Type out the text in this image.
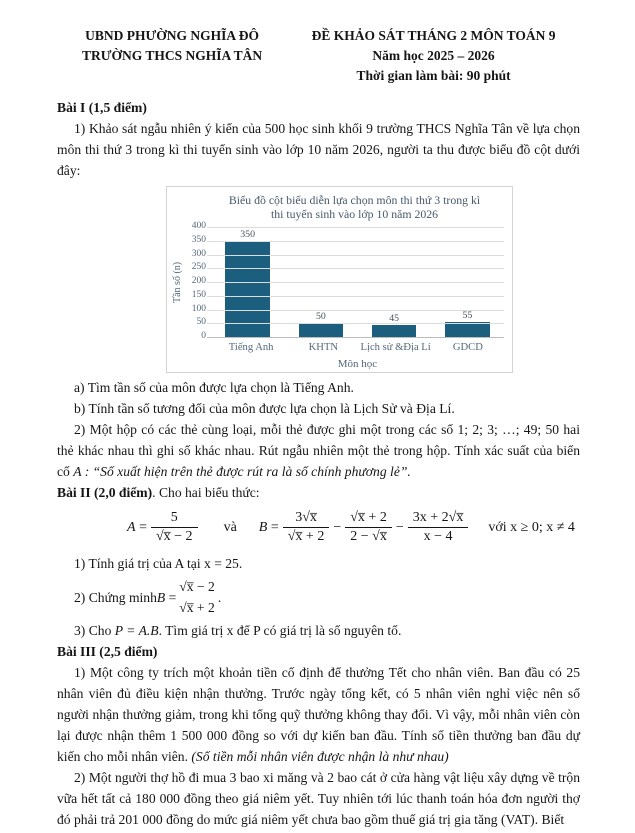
UBND PHƯỜNG NGHĨA ĐÔ
TRƯỜNG THCS NGHĨA TÂN
ĐỀ KHẢO SÁT THÁNG 2 MÔN TOÁN 9
Năm học 2025 – 2026
Thời gian làm bài: 90 phút

Bài I (1,5 điểm)

1) Khảo sát ngẫu nhiên ý kiến của 500 học sinh khối 9 trường THCS Nghĩa Tân về lựa chọn môn thi thứ 3 trong kì thi tuyển sinh vào lớp 10 năm 2026, người ta thu được biểu đồ cột dưới đây:

Biểu đồ cột biểu diễn lựa chọn môn thi thứ 3 trong kì
thi tuyển sinh vào lớp 10 năm 2026
Tần số (n)
400
350
300
250
200
150
100
50
0
350
50	45	55
Tiếng Anh	KHTN	Lịch sử &Địa Lí	GDCD
Môn học

a) Tìm tần số của môn được lựa chọn là Tiếng Anh.

b) Tính tần số tương đối của môn được lựa chọn là Lịch Sử và Địa Lí.

2) Một hộp có các thẻ cùng loại, mỗi thẻ được ghi một trong các số 1; 2; 3; …; 49; 50 hai thẻ khác nhau thì ghi số khác nhau. Rút ngẫu nhiên một thẻ trong hộp. Tính xác suất của biến cố A : “Số xuất hiện trên thẻ được rút ra là số chính phương lẻ”.

Bài II (2,0 điểm). Cho hai biểu thức:

A
= $\frac{5}{√x̅ - 2}$ và B
= $\frac{3√x̅}{√x̅ + 2} - \frac{√x̅ + 2}{2 - √x̅} - \frac{3x + 2√x̅}{x - 4}$ với x ≥ 0; x ≠ 4

1) Tính giá trị của A tại x = 25.

2) Chứng minh B
=
√x̅ − 2
√x̅ + 2
.

3) Cho P = A.B. Tìm giá trị x để P có giá trị là số nguyên tố.

Bài III (2,5 điểm)

1) Một công ty trích một khoản tiền cố định để thưởng Tết cho nhân viên. Ban đầu có 25 nhân viên đủ điều kiện nhận thưởng. Trước ngày tổng kết, có 5 nhân viên nghỉ việc nên số người nhận thưởng giảm, trong khi tổng quỹ thưởng không thay đổi. Vì vậy, mỗi nhân viên còn lại được nhận thêm 1 500 000 đồng so với dự kiến ban đầu. Tính số tiền thưởng ban đầu dự kiến cho mỗi nhân viên. (Số tiền mỗi nhân viên được nhận là như nhau)

2) Một người thợ hồ đi mua 3 bao xi măng và 2 bao cát ở cửa hàng vật liệu xây dựng về trộn vữa hết tất cả 180 000 đồng theo giá niêm yết. Tuy nhiên tới lúc thanh toán hóa đơn người thợ đó phải trả 201 000 đồng do mức giá niêm yết chưa bao gồm thuế giá trị gia tăng (VAT). Biết
